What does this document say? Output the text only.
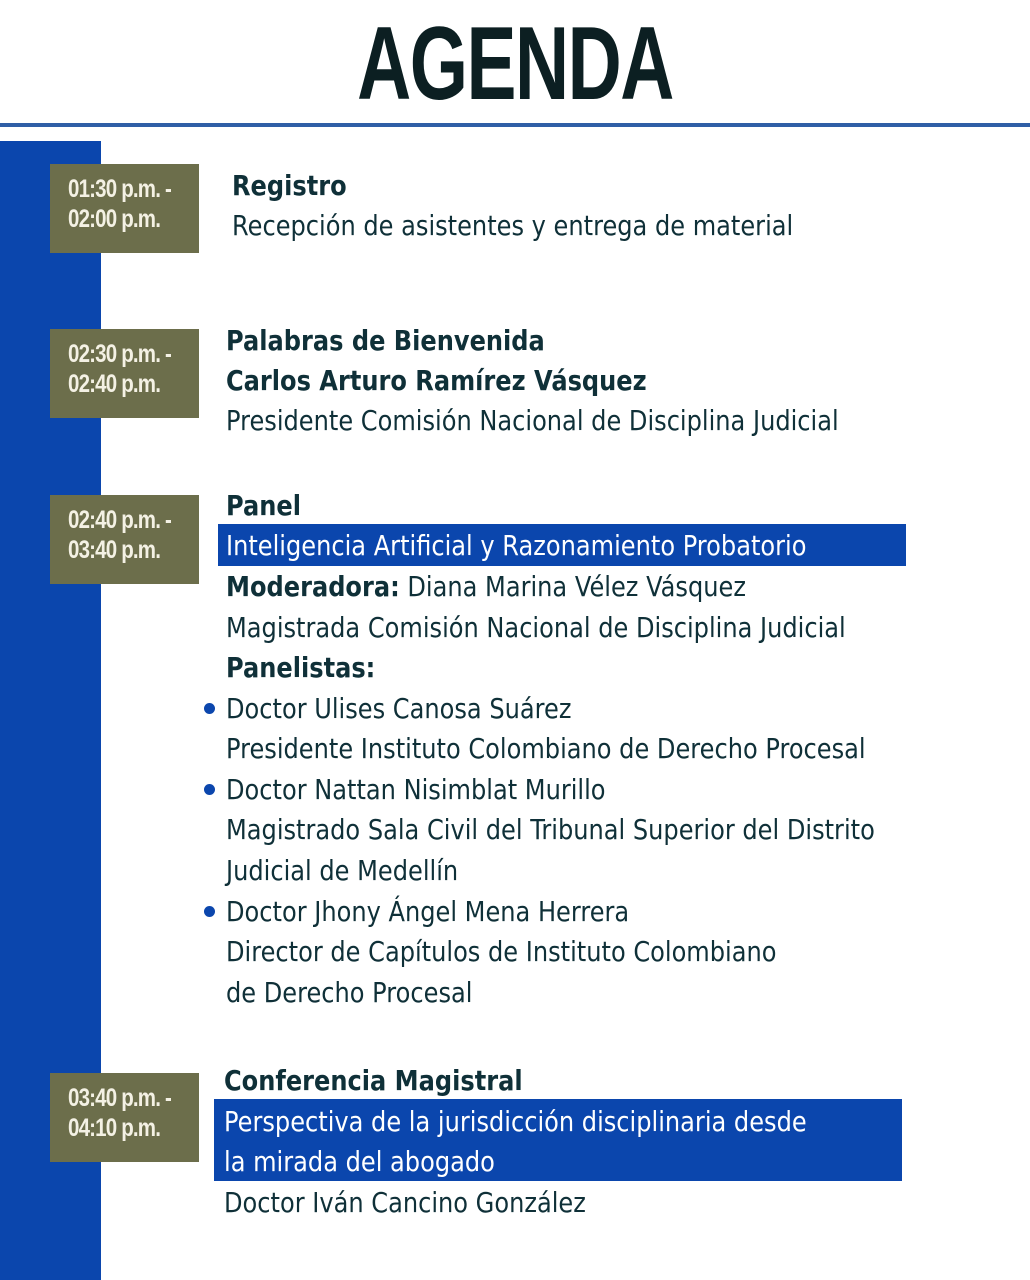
AGENDA
01:30 p.m. -
02:00 p.m.
Registro
Recepción de asistentes y entrega de material
02:30 p.m. -
02:40 p.m.
Palabras de Bienvenida
Carlos Arturo Ramírez Vásquez
Presidente Comisión Nacional de Disciplina Judicial
02:40 p.m. -
03:40 p.m.
Panel
Inteligencia Artificial y Razonamiento Probatorio
Moderadora: Diana Marina Vélez Vásquez
Magistrada Comisión Nacional de Disciplina Judicial
Panelistas:
Doctor Ulises Canosa Suárez
Presidente Instituto Colombiano de Derecho Procesal
Doctor Nattan Nisimblat Murillo
Magistrado Sala Civil del Tribunal Superior del Distrito
Judicial de Medellín
Doctor Jhony Ángel Mena Herrera
Director de Capítulos de Instituto Colombiano
de Derecho Procesal
03:40 p.m. -
04:10 p.m.
Conferencia Magistral
Perspectiva de la jurisdicción disciplinaria desde
la mirada del abogado
Doctor Iván Cancino González
